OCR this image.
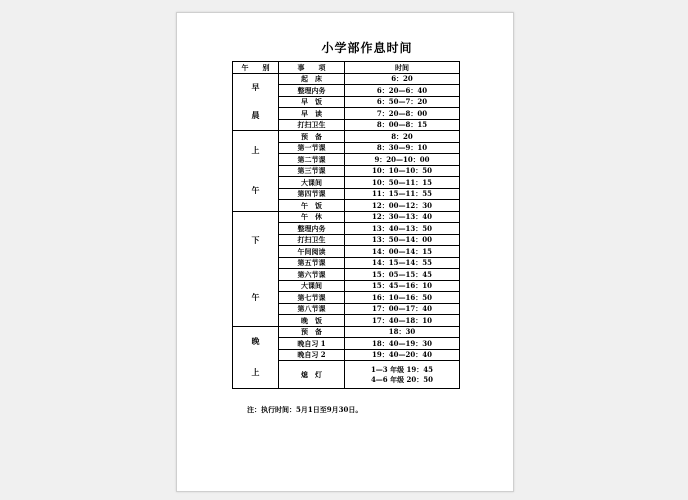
小学部作息时间
午　　别	事　　项	时间

早
晨	起　床	6：20
	整理内务	6：20—6：40
	早　饭	6：50—7：20
	早　读	7：20—8：00
	打扫卫生	8：00—8：15

上
午	预　备	8：20
	第一节课	8：30—9：10
	第二节课	9：20—10：00
	第三节课	10：10—10：50
	大课间	10：50—11：15
	第四节课	11：15—11：55
	午　饭	12：00—12：30

下
午	午　休	12：30—13：40
	整理内务	13：40—13：50
	打扫卫生	13：50—14：00
	午间阅读	14：00—14：15
	第五节课	14：15—14：55
	第六节课	15：05—15：45
	大课间	15：45—16：10
	第七节课	16：10—16：50
	第八节课	17：00—17：40
	晚　饭	17：40—18：10

晚
上	预　备	18：30
	晚自习 1	18：40—19：30
	晚自习 2	19：40—20：40
	熄　灯	1—3 年级 19：45
4—6 年级 20：50
注：执行时间：5月1日至9月30日。
